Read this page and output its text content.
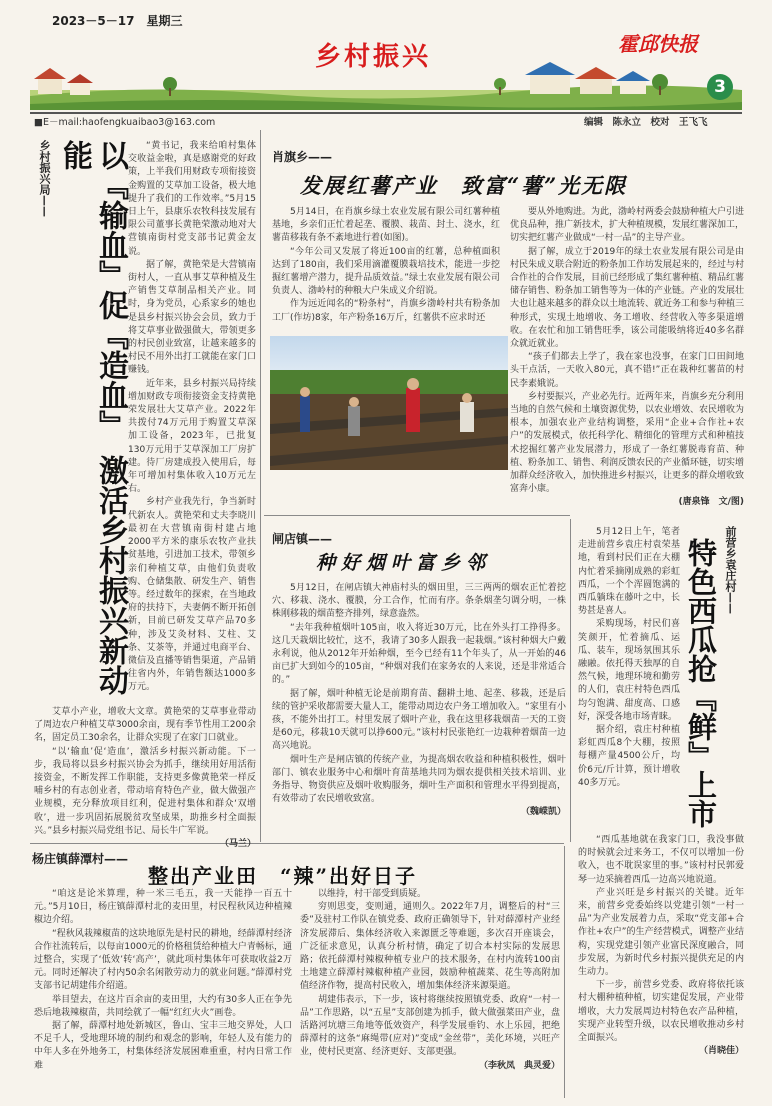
2023－5－17　星期三
乡村振兴	霍邱快报
3
■E－mail:haofengkuaibao3@163.com	编辑　陈永立　校对　王飞飞
乡村振兴局——	以『输血』促『造血』　激活乡村振兴新动能	“黄书记，我来给咱村集体交收益金啦，真是感谢党的好政策，上半我们用财政专项衔接资金购置的艾草加工设备，极大地提升了我们的工作效率。”5月15日上午，县康乐农牧科技发展有限公司董事长黄艳荣激动地对大营镇南街村党支部书记黄金友说。

据了解，黄艳荣是大营镇南街村人，一直从事艾草种植及生产销售艾草制品相关产业。同时，身为党员，心系家乡的她也是县乡村振兴协会会员，致力于将艾草事业做强做大，带领更多的村民创业致富，让越来越多的村民不用外出打工就能在家门口赚钱。

近年来，县乡村振兴局持续增加财政专项衔接资金支持黄艳荣发展壮大艾草产业。2022年共拨付74万元用于购置艾草深加工设备，2023年，已批复130万元用于艾草深加工厂房扩建。待厂房建成投入使用后，每年可增加村集体收入10万元左右。

乡村产业我先行，争当新时代新农人。黄艳荣和丈夫李晓川最初在大营镇南街村建占地2000平方米的康乐农牧产业扶贫基地，引进加工技术，带领乡亲们种植艾草，由他们负责收购、仓储集散、研发生产、销售等。经过数年的探索，在当地政府的扶持下，夫妻俩不断开拓创新，目前已研发艾草产品70多种，涉及艾灸材料、艾柱、艾条、艾茶等，并通过电商平台、微信及直播等销售渠道，产品销往省内外，年销售额达1000多万元。

艾草小产业，增收大文章。黄艳荣的艾草事业带动了周边农户种植艾草3000余亩，现有季节性用工200余名，固定员工30余名，让群众实现了在家门口就业。

“以‘输血’促‘造血’，激活乡村振兴新动能。下一步，我局将以县乡村振兴协会为抓手，继续用好用活衔接资金，不断发挥工作职能，支持更多像黄艳荣一样反哺乡村的有志创业者，带动培育特色产业，做大做强产业规模，充分释放项目红利，促进村集体和群众‘双增收’，进一步巩固拓展脱贫攻坚成果，助推乡村全面振兴。”县乡村振兴局党组书记、局长牛广军说。

（马兰）
肖旗乡——
发展红薯产业　致富“薯”光无限

5月14日，在肖旗乡绿土农业发展有限公司红薯种植基地，乡亲们正忙着起垄、覆膜、栽苗、封土、浇水，红薯苗移栽有条不紊地进行着(如图)。

“今年公司又发展了将近100亩的红薯，总种植面积达到了180亩，我们采用滴灌覆膜栽培技术，能进一步挖掘红薯增产潜力，提升品质效益。”绿土农业发展有限公司负责人、渤岭村的种粮大户朱成义介绍说。

作为远近闻名的“粉条村”，肖旗乡渤岭村共有粉条加工厂(作坊)8家，年产粉条16万斤，红薯供不应求时还

要从外地购进。为此，渤岭村两委会鼓励种植大户引进优良品种，推广新技术，扩大种植规模，发展红薯深加工，切实把红薯产业做成“一村一品”的主导产业。

据了解，成立于2019年的绿土农业发展有限公司是由村民朱成义联合附近的粉条加工作坊发展起来的，经过与村合作社的合作发展，目前已经形成了集红薯种植、精品红薯储存销售、粉条加工销售等为一体的产业链。产业的发展壮大也让越来越多的群众以土地流转、就近务工和参与种植三种形式，实现土地增收、务工增收、经营收入等多渠道增收。在农忙和加工销售旺季，该公司能吸纳将近40多名群众就近就业。

“孩子们都去上学了，我在家也没事，在家门口田间地头干点活，一天收入80元，真不错!”正在栽种红薯苗的村民李素娥说。

乡村要振兴，产业必先行。近两年来，肖旗乡充分利用当地的自然气候和土壤资源优势，以农业增效、农民增收为根本，加强农业产业结构调整，采用“企业+合作社+农户”的发展模式，依托科学化、精细化的管理方式和种植技术挖掘红薯产业发展潜力，形成了一条红薯脱毒育苗、种植、粉条加工、销售、利润反馈农民的产业循环链，切实增加群众经济收入，加快推进乡村振兴，让更多的群众增收致富奔小康。

(唐泉锋　文/图)
闸店镇——
种好烟叶富乡邻

5月12日，在闸店镇大神庙村头的烟田里，三三两两的烟农正忙着挖穴、移栽、浇水、覆膜，分工合作，忙而有序。条条烟垄匀调分明，一株株刚移栽的烟苗整齐排列，绿意盎然。

“去年我种植烟叶105亩，收入将近30万元，比在外头打工挣得多。这几天栽烟比较忙，这不，我请了30多人跟我一起栽烟。”该村种烟大户戴永利说，他从2012年开始种烟，至今已经有11个年头了，从一开始的46亩已扩大到如今的105亩，“种烟对我们在家务农的人来说，还是非常适合的。”

据了解，烟叶种植无论是前期育苗、翻耕土地、起垄、移栽，还是后续的管护采收都需要大量人工，能带动周边农户务工增加收入。“家里有小孩，不能外出打工。村里发展了烟叶产业，我在这里移栽烟苗一天的工资是60元，移栽10天就可以挣600元。”该村村民张艳红一边栽种着烟苗一边高兴地说。

烟叶生产是闸店镇的传统产业，为提高烟农收益和种植积极性，烟叶部门、镇农业服务中心和烟叶育苗基地共同为烟农提供相关技术培训、业务指导、物资供应及烟叶收购服务，烟叶生产面积和管理水平得到提高，有效带动了农民增收致富。

（魏嵘凯）

5月12日上午，笔者走进前营乡袁庄村袁荣基地，看到村民们正在大棚内忙着采摘刚成熟的彩虹西瓜，一个个浑圆饱满的西瓜躺珠在藤叶之中，长势甚是喜人。

采购现场，村民们喜笑颜开，忙着摘瓜、运瓜、装车，现场氛围其乐融融。依托得天独厚的自然气候，地理环境和勤劳的人们，袁庄村特色西瓜均匀饱满、甜度高、口感好，深受各地市场青睐。

据介绍，袁庄村种植彩虹西瓜8个大棚，按照每棚产量4500公斤，均价6元/斤计算，预计增收40多万元。

前营乡袁庄村——
特色西瓜抢『鲜』上市

“西瓜基地就在我家门口，我没事做的时候就会过来务工，不仅可以增加一份收入，也不耽误家里的事。”该村村民郭爱琴一边采摘着西瓜一边高兴地说道。

产业兴旺是乡村振兴的关键。近年来，前营乡党委始终以党建引领“一村一品”为产业发展着力点，采取“党支部+合作社+农户”的生产经营模式，调整产业结构，实现党建引领产业富民深度融合，同步发展，为新时代乡村振兴提供充足的内生动力。

下一步，前营乡党委、政府将依托该村大棚种植种植，切实建促发展，产业带增收，大力发展周边村特色农产品种植，实现产业转型升级，以农民增收推动乡村全面振兴。

（肖晓佳）
杨庄镇薛潭村——
整出产业田　“辣”出好日子

“咱这是论米算理，种一米三毛五，我一天能挣一百五十元。”5月10日，杨庄镇薛潭村北的麦田里，村民程秋风边种植辣椒边介绍。

“程秋风栽辣椒苗的这块地原先是村民的耕地，经薛潭村经济合作社流转后，以每亩1000元的价格租赁给种植大户青畅标，通过整合，实现了‘低效’转‘高产’，就此项村集体年可获取收益2万元。同时还解决了村内50余名闲散劳动力的就业问题。”薛潭村党支部书记胡建伟介绍道。

举目望去，在这片百余亩的麦田里，大约有30多人正在争先恐后地栽辣椒苗，共同绘就了一幅“红红火火”画卷。

据了解，薛潭村地处新城区，鲁山、宝丰三地交界处，人口不足千人，受地理环境的制约和观念的影响，年轻人及有能力的中年人多在外地务工，村集体经济发展困难重重，村内日常工作难

以维持，村干部受到质疑。

穷则思变，变则通，通则久。2022年7月，调整后的村“三委”及驻村工作队在镇党委、政府正确领导下，针对薛潭村产业经济发展滞后、集体经济收入来源匮乏等难题，多次召开座谈会，广泛征求意见，认真分析村情，确定了切合本村实际的发展思路；依托薛潭村辣椒种植专业户的技术服务，在村内流转100亩土地建立薛潭村辣椒种植产业园，鼓励种植蔬菜、花生等高附加值经济作物，提高村民收入，增加集体经济来源渠道。

胡建伟表示，下一步，该村将继续按照镇党委、政府“一村一品”工作思路，以“五星”支部创建为抓手，做大做强菜田产业，盘活路河坑塘三角地等低效资产，科学发展垂钓、水上乐园，把绝薛潭村的这条“麻绳带(应对)”变成“金丝带”，美化环境，兴旺产业，使村民更富、经济更好、支部更强。

（李秋凤　典灵爱）
